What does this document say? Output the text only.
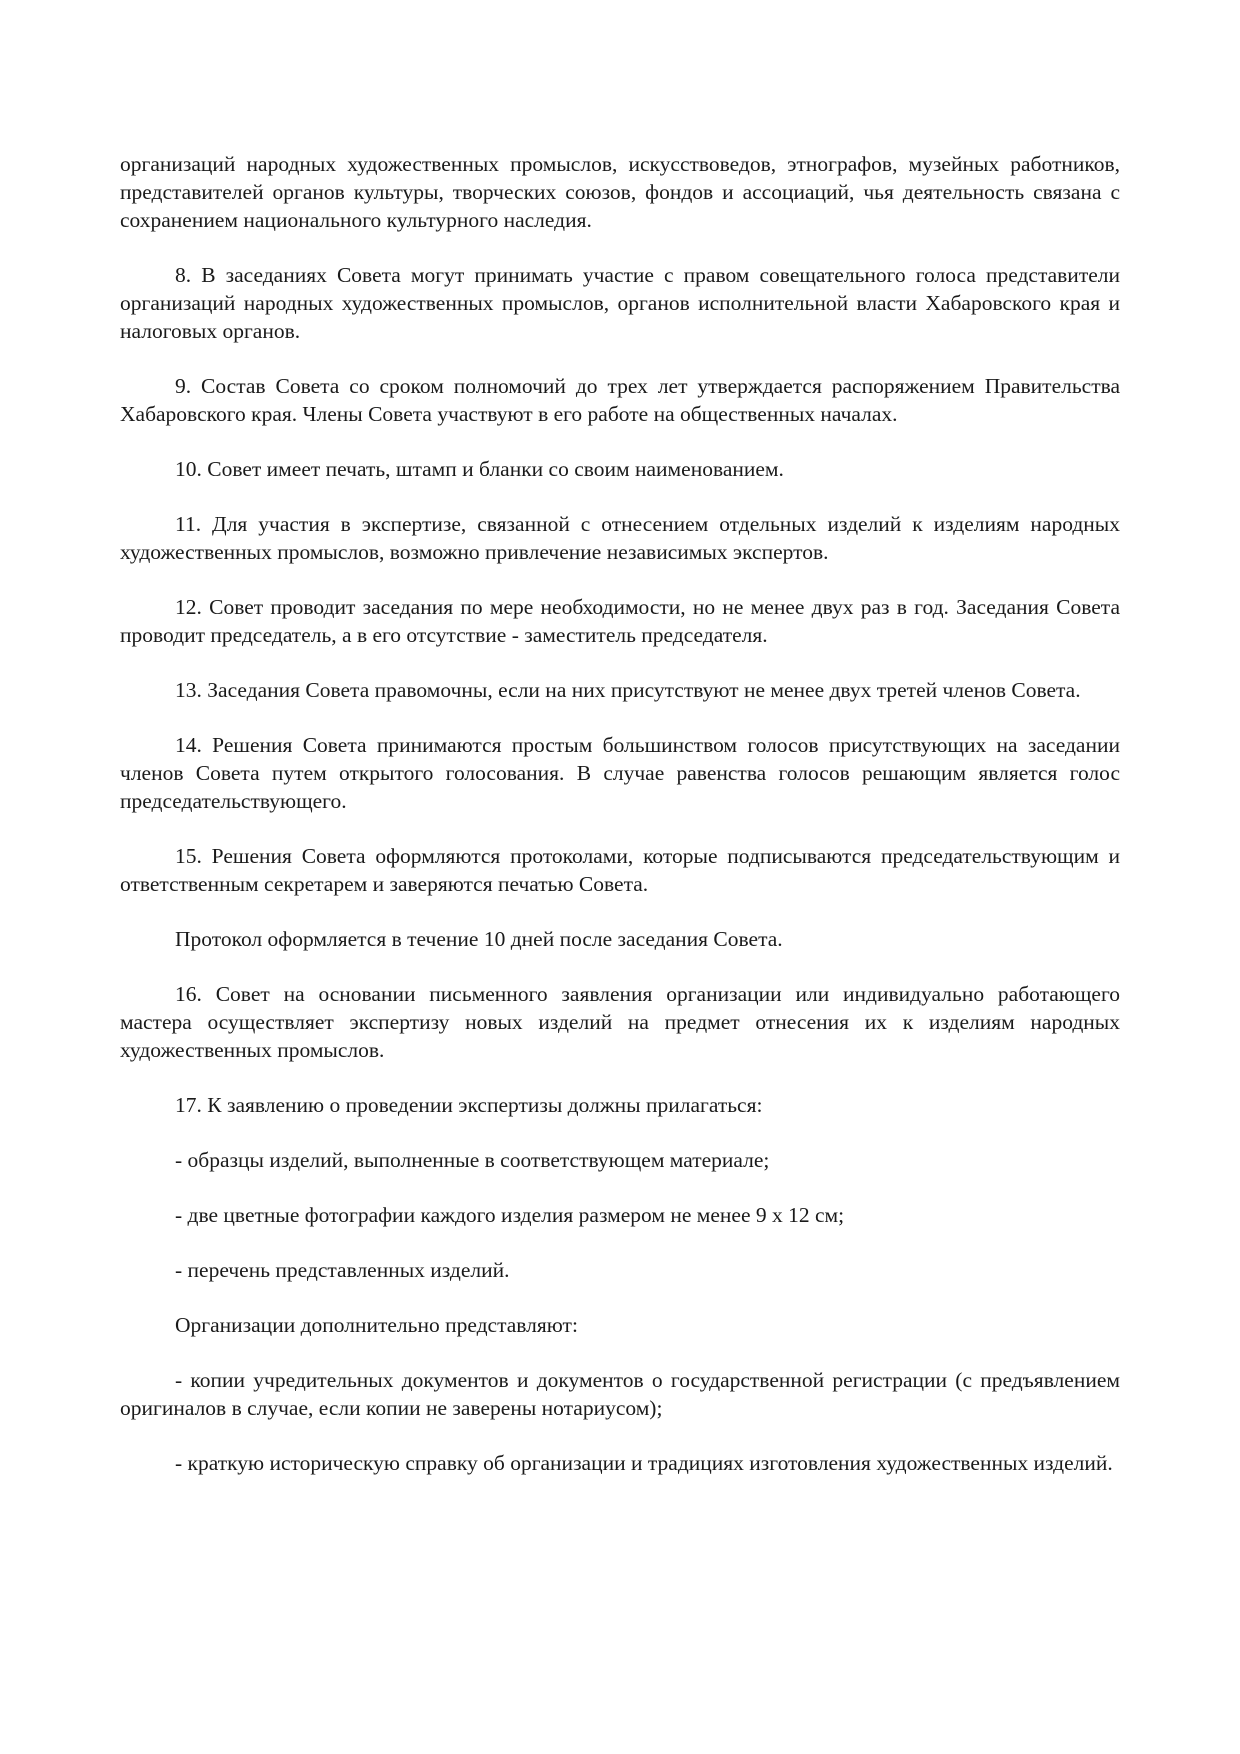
организаций народных художественных промыслов, искусствоведов, этнографов, музейных работников, представителей органов культуры, творческих союзов, фондов и ассоциаций, чья деятельность связана с сохранением национального культурного наследия.

8. В заседаниях Совета могут принимать участие с правом совещательного голоса представители организаций народных художественных промыслов, органов исполнительной власти Хабаровского края и налоговых органов.

9. Состав Совета со сроком полномочий до трех лет утверждается распоряжением Правительства Хабаровского края. Члены Совета участвуют в его работе на общественных началах.

10. Совет имеет печать, штамп и бланки со своим наименованием.

11. Для участия в экспертизе, связанной с отнесением отдельных изделий к изделиям народных художественных промыслов, возможно привлечение независимых экспертов.

12. Совет проводит заседания по мере необходимости, но не менее двух раз в год. Заседания Совета проводит председатель, а в его отсутствие - заместитель председателя.

13. Заседания Совета правомочны, если на них присутствуют не менее двух третей членов Совета.

14. Решения Совета принимаются простым большинством голосов присутствующих на заседании членов Совета путем открытого голосования. В случае равенства голосов решающим является голос председательствующего.

15. Решения Совета оформляются протоколами, которые подписываются председательствующим и ответственным секретарем и заверяются печатью Совета.

Протокол оформляется в течение 10 дней после заседания Совета.

16. Совет на основании письменного заявления организации или индивидуально работающего мастера осуществляет экспертизу новых изделий на предмет отнесения их к изделиям народных художественных промыслов.

17. К заявлению о проведении экспертизы должны прилагаться:

- образцы изделий, выполненные в соответствующем материале;

- две цветные фотографии каждого изделия размером не менее 9 х 12 см;

- перечень представленных изделий.

Организации дополнительно представляют:

- копии учредительных документов и документов о государственной регистрации (с предъявлением оригиналов в случае, если копии не заверены нотариусом);

- краткую историческую справку об организации и традициях изготовления художественных изделий.
